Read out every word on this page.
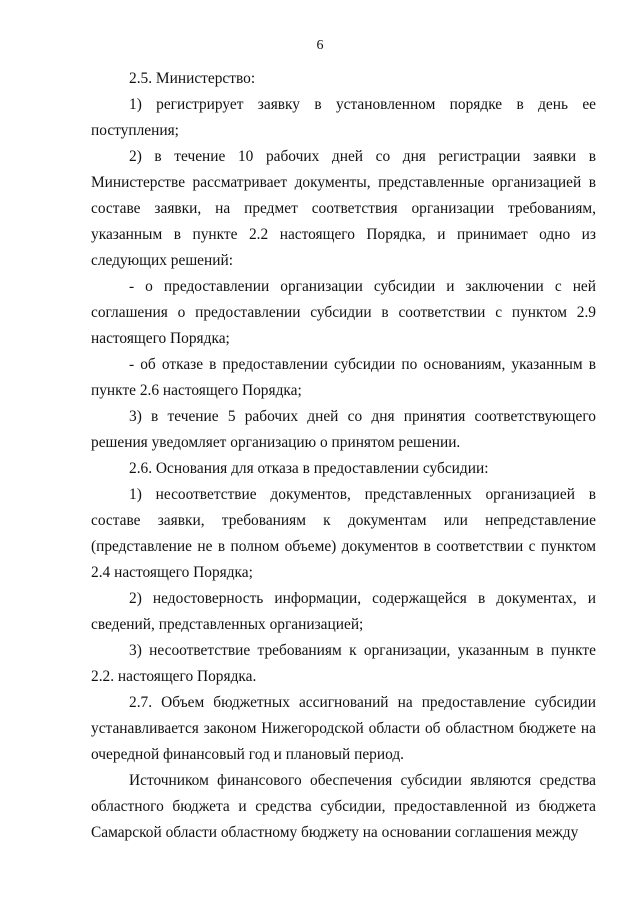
6

2.5. Министерство:

1) регистрирует заявку в установленном порядке в день ее поступления;

2) в течение 10 рабочих дней со дня регистрации заявки в Министерстве рассматривает документы, представленные организацией в составе заявки, на предмет соответствия организации требованиям, указанным в пункте 2.2 настоящего Порядка, и принимает одно из следующих решений:

- о предоставлении организации субсидии и заключении с ней соглашения о предоставлении субсидии в соответствии с пунктом 2.9 настоящего Порядка;

- об отказе в предоставлении субсидии по основаниям, указанным в пункте 2.6 настоящего Порядка;

3) в течение 5 рабочих дней со дня принятия соответствующего решения уведомляет организацию о принятом решении.

2.6. Основания для отказа в предоставлении субсидии:

1) несоответствие документов, представленных организацией в составе заявки, требованиям к документам или непредставление (представление не в полном объеме) документов в соответствии с пунктом 2.4 настоящего Порядка;

2) недостоверность информации, содержащейся в документах, и сведений, представленных организацией;

3) несоответствие требованиям к организации, указанным в пункте 2.2. настоящего Порядка.

2.7. Объем бюджетных ассигнований на предоставление субсидии устанавливается законом Нижегородской области об областном бюджете на очередной финансовый год и плановый период.

Источником финансового обеспечения субсидии являются средства областного бюджета и средства субсидии, предоставленной из бюджета Самарской области областному бюджету на основании соглашения между
